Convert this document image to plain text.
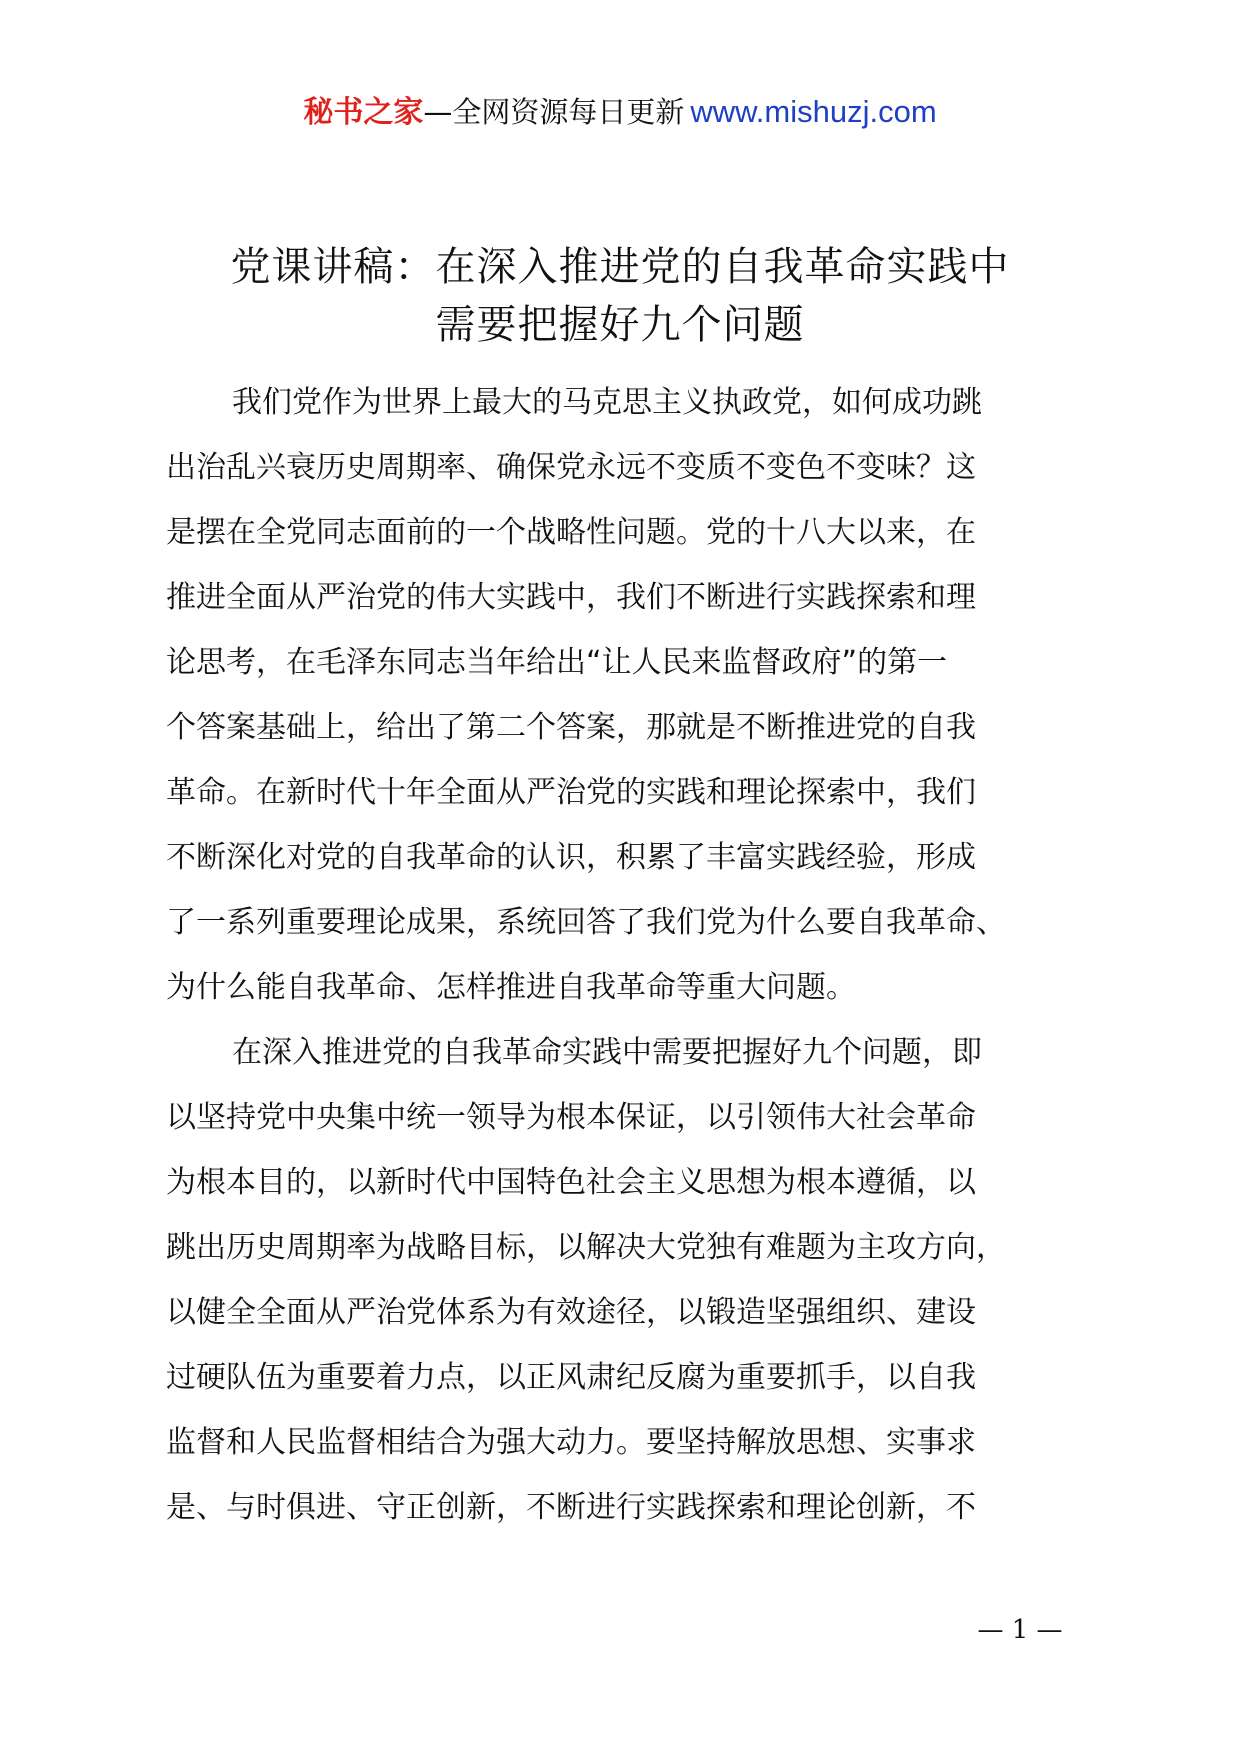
秘书之家—全网资源每日更新 www.mishuzj.com
党课讲稿：在深入推进党的自我革命实践中
需要把握好九个问题
我们党作为世界上最大的马克思主义执政党，如何成功跳
出治乱兴衰历史周期率、确保党永远不变质不变色不变味？这
是摆在全党同志面前的一个战略性问题。党的十八大以来，在
推进全面从严治党的伟大实践中，我们不断进行实践探索和理
论思考，在毛泽东同志当年给出“让人民来监督政府”的第一
个答案基础上，给出了第二个答案，那就是不断推进党的自我
革命。在新时代十年全面从严治党的实践和理论探索中，我们
不断深化对党的自我革命的认识，积累了丰富实践经验，形成
了一系列重要理论成果，系统回答了我们党为什么要自我革命、
为什么能自我革命、怎样推进自我革命等重大问题。
在深入推进党的自我革命实践中需要把握好九个问题，即
以坚持党中央集中统一领导为根本保证，以引领伟大社会革命
为根本目的，以新时代中国特色社会主义思想为根本遵循，以
跳出历史周期率为战略目标，以解决大党独有难题为主攻方向，
以健全全面从严治党体系为有效途径，以锻造坚强组织、建设
过硬队伍为重要着力点，以正风肃纪反腐为重要抓手，以自我
监督和人民监督相结合为强大动力。要坚持解放思想、实事求
是、与时俱进、守正创新，不断进行实践探索和理论创新，不
— 1 —
